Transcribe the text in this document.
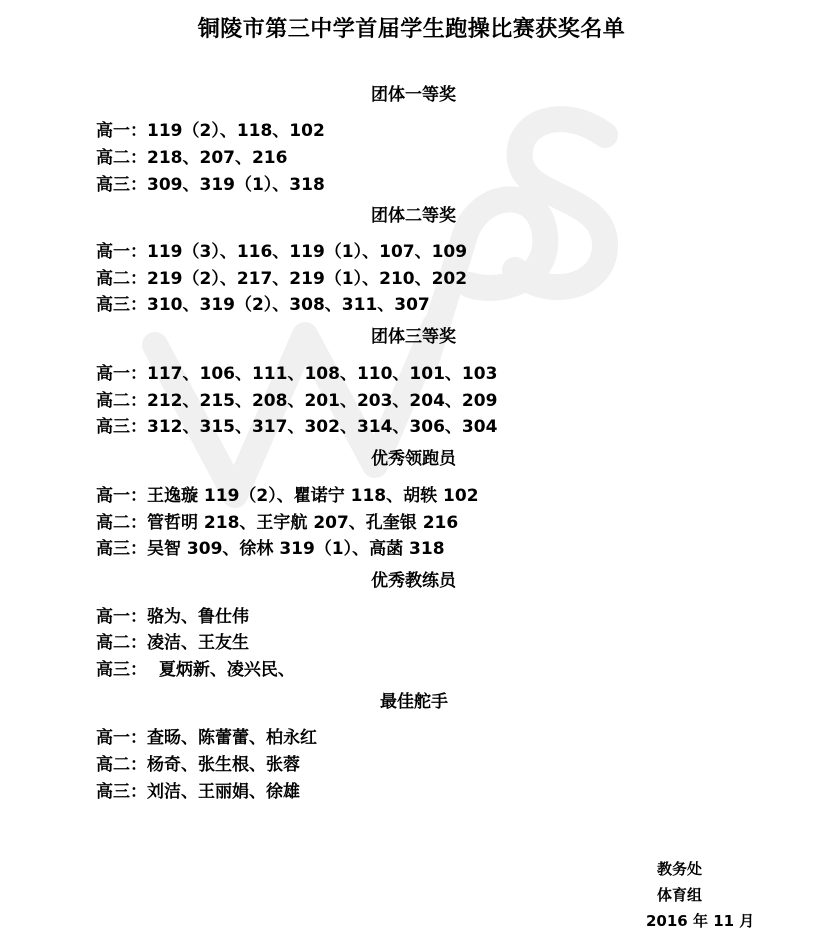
铜陵市第三中学首届学生跑操比赛获奖名单
团体一等奖
高一：119（2）、118、102
高二：218、207、216
高三：309、319（1）、318
团体二等奖
高一：119（3）、116、119（1）、107、109
高二：219（2）、217、219（1）、210、202
高三：310、319（2）、308、311、307
团体三等奖
高一：117、106、111、108、110、101、103
高二：212、215、208、201、203、204、209
高三：312、315、317、302、314、306、304
优秀领跑员
高一：王逸璇 119（2）、瞿诺宁 118、胡轶 102
高二：管哲明 218、王宇航 207、孔奎银 216
高三：吴智 309、徐林 319（1）、高菡 318
优秀教练员
高一：骆为、鲁仕伟
高二：凌洁、王友生
高三：  夏炳新、凌兴民、
最佳舵手
高一：查旸、陈蕾蕾、柏永红
高二：杨奇、张生根、张蓉
高三：刘洁、王丽娟、徐雄
教务处
体育组
2016 年 11 月
